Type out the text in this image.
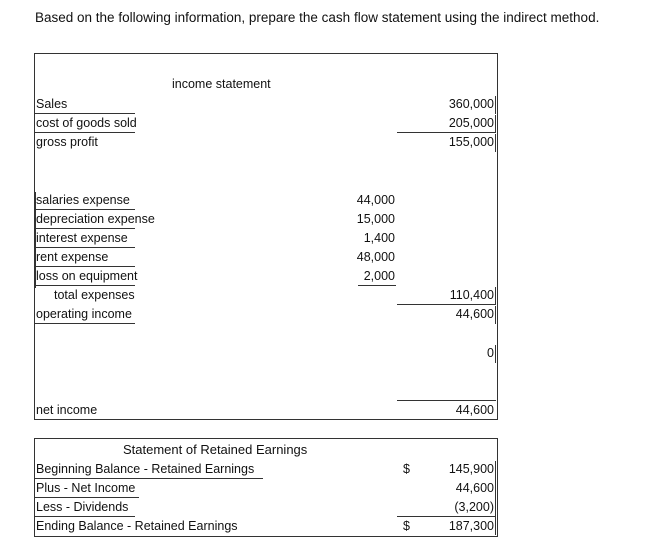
Based on the following information, prepare the cash flow statement using the indirect method.
income statement
Sales	360,000
cost of goods sold	205,000
gross profit	155,000
salaries expense	44,000
depreciation expense	15,000
interest expense	1,400
rent expense	48,000
loss on equipment	2,000
total expenses	110,400
operating income	44,600
0
net income	44,600
Statement of Retained Earnings
Beginning Balance - Retained Earnings	$	145,900
Plus - Net Income	44,600
Less - Dividends	(3,200)
Ending Balance - Retained Earnings	$	187,300
